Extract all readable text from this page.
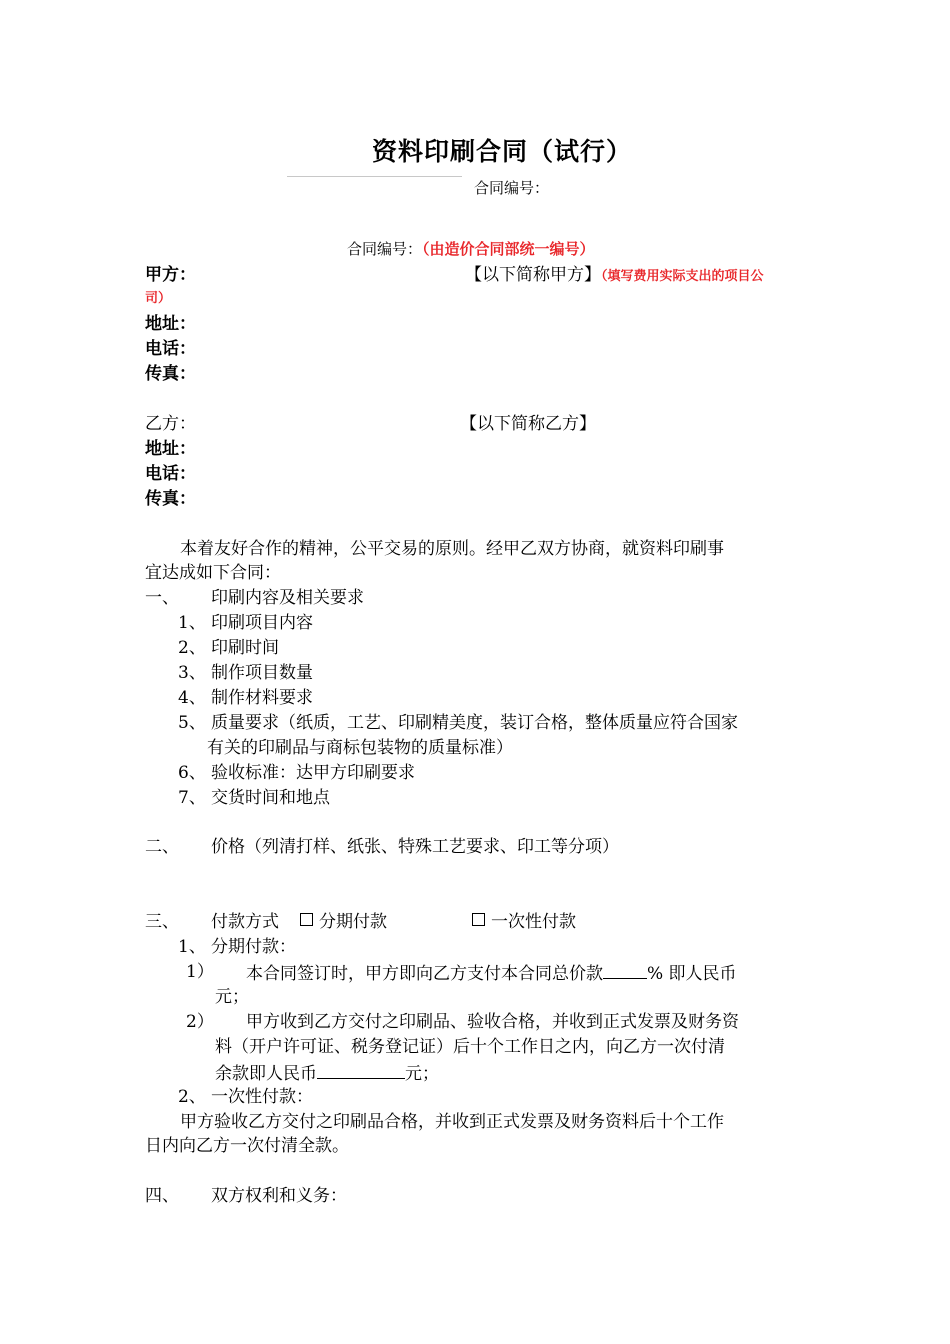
资料印刷合同（试行）
合同编号：
合同编号：（由造价合同部统一编号）
甲方：	【以下简称甲方】（填写费用实际支出的项目公
司）
地址：
电话：
传真：
乙方：	【以下简称乙方】
地址：
电话：
传真：
本着友好合作的精神，公平交易的原则。经甲乙双方协商，就资料印刷事
宜达成如下合同：
一、 印刷内容及相关要求
1、 印刷项目内容
2、 印刷时间
3、 制作项目数量
4、 制作材料要求
5、 质量要求（纸质，工艺、印刷精美度，装订合格，整体质量应符合国家
有关的印刷品与商标包装物的质量标准）
6、 验收标准：达甲方印刷要求
7、 交货时间和地点
二、 价格（列清打样、纸张、特殊工艺要求、印工等分项）
三、 付款方式	分期付款	一次性付款
1、 分期付款：
1） 本合同签订时，甲方即向乙方支付本合同总价款	% 即人民币
元；
2） 甲方收到乙方交付之印刷品、验收合格，并收到正式发票及财务资
料（开户许可证、税务登记证）后十个工作日之内，向乙方一次付清
余款即人民币	元；
2、 一次性付款：
甲方验收乙方交付之印刷品合格，并收到正式发票及财务资料后十个工作
日内向乙方一次付清全款。
四、 双方权利和义务：
